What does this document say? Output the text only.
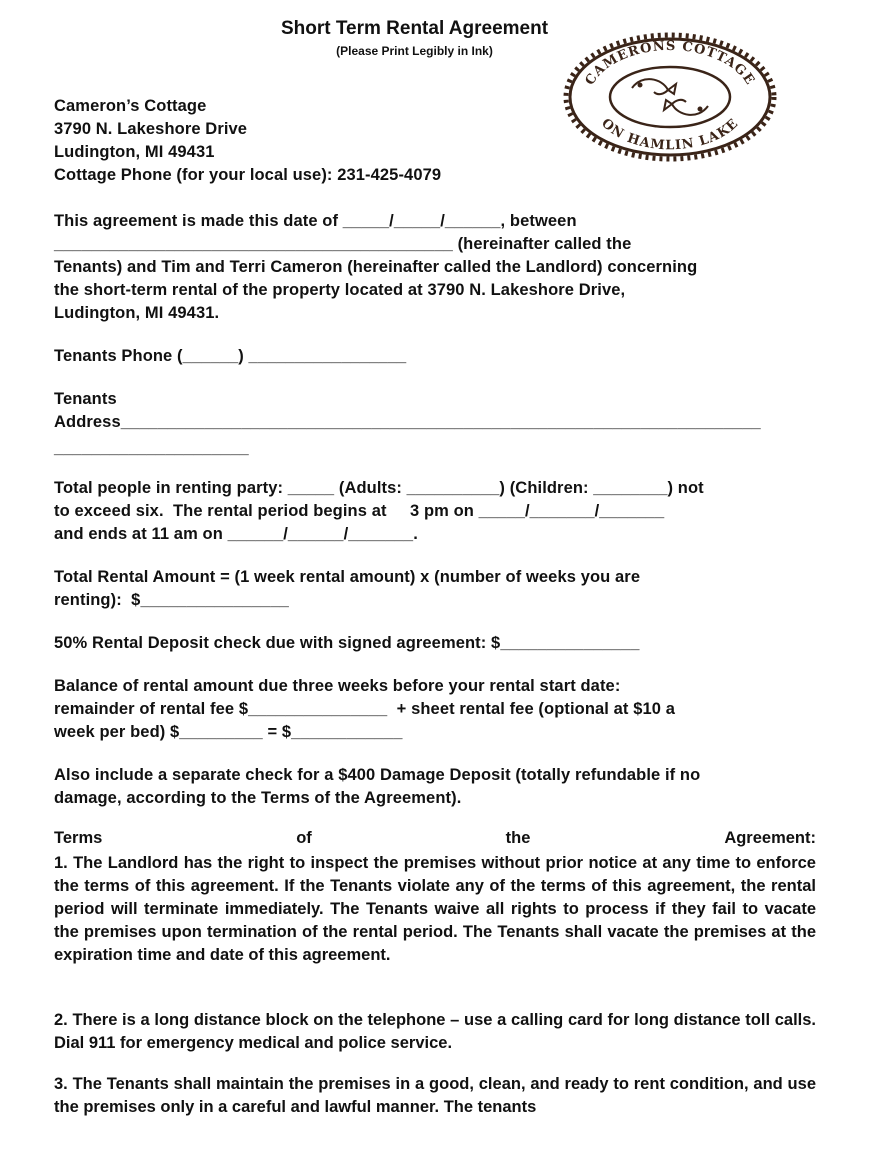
Short Term Rental Agreement
(Please Print Legibly in Ink)
CAMERONS COTTAGE
ON HAMLIN LAKE
Cameron’s Cottage
3790 N. Lakeshore Drive
Ludington, MI 49431
Cottage Phone (for your local use): 231-425-4079
This agreement is made this date of _____/_____/______, between
___________________________________________ (hereinafter called the
Tenants) and Tim and Terri Cameron (hereinafter called the Landlord) concerning
the short-term rental of the property located at 3790 N. Lakeshore Drive,
Ludington, MI 49431.
Tenants Phone (______) _________________
Tenants
Address_____________________________________________________________________
_____________________
Total people in renting party: _____ (Adults: __________) (Children: ________) not
to exceed six.  The rental period begins at     3 pm on _____/_______/_______
and ends at 11 am on ______/______/_______.
Total Rental Amount = (1 week rental amount) x (number of weeks you are
renting):  $________________
50% Rental Deposit check due with signed agreement: $_______________
Balance of rental amount due three weeks before your rental start date:
remainder of rental fee $_______________  + sheet rental fee (optional at $10 a
week per bed) $_________ = $____________
Also include a separate check for a $400 Damage Deposit (totally refundable if no
damage, according to the Terms of the Agreement).
Terms	of	the	Agreement:
1. The Landlord has the right to inspect the premises without prior notice at any time to enforce the terms of this agreement. If the Tenants violate any of the terms of this agreement, the rental period will terminate immediately. The Tenants waive all rights to process if they fail to vacate the premises upon termination of the rental period. The Tenants shall vacate the premises at the expiration time and date of this agreement.
2. There is a long distance block on the telephone – use a calling card for long distance toll calls. Dial 911 for emergency medical and police service.
3. The Tenants shall maintain the premises in a good, clean, and ready to rent condition, and use the premises only in a careful and lawful manner. The tenants
